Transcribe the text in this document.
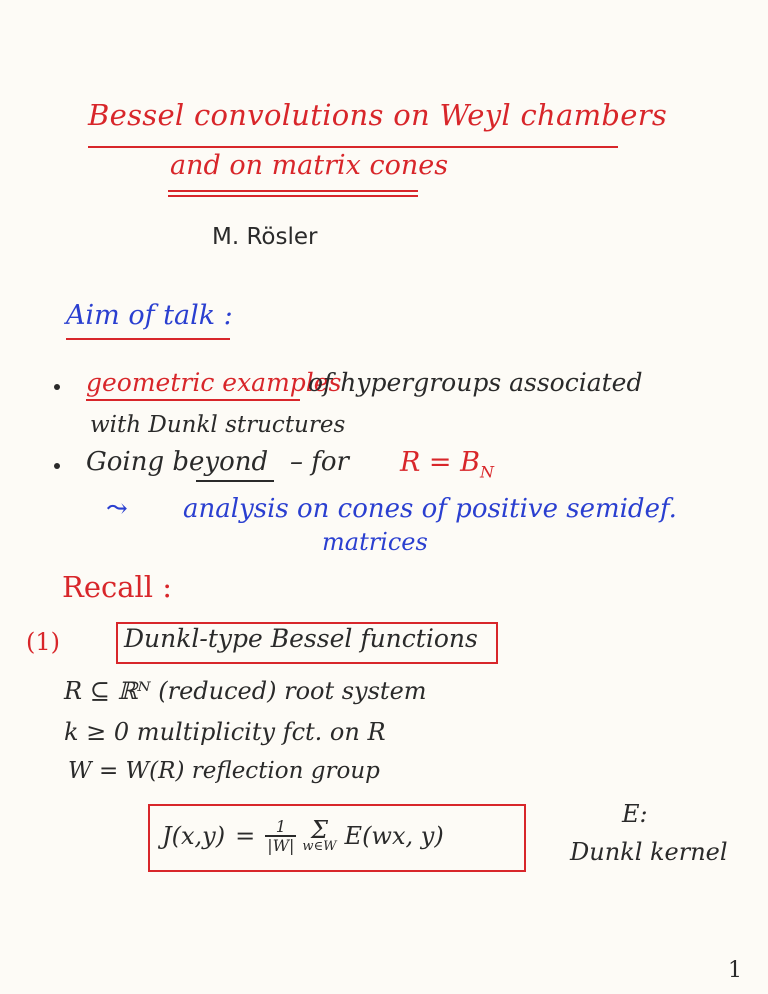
Bessel convolutions on Weyl chambers
and on matrix cones
M. Rösler
Aim of talk :
geometric examples
of hypergroups associated
with Dunkl structures
Going beyond – for $R = B_N$
⤳ analysis on cones of positive semidef.
matrices
Recall :
(1)	Dunkl-type Bessel functions
R ⊆ ℝᴺ (reduced) root system
k ≥ 0 multiplicity fct. on R
W = W(R) reflection group
$J(x,y) = \frac{1}{|W|}$ Σ
w∈W E(wx, y)
E:
Dunkl kernel
1
